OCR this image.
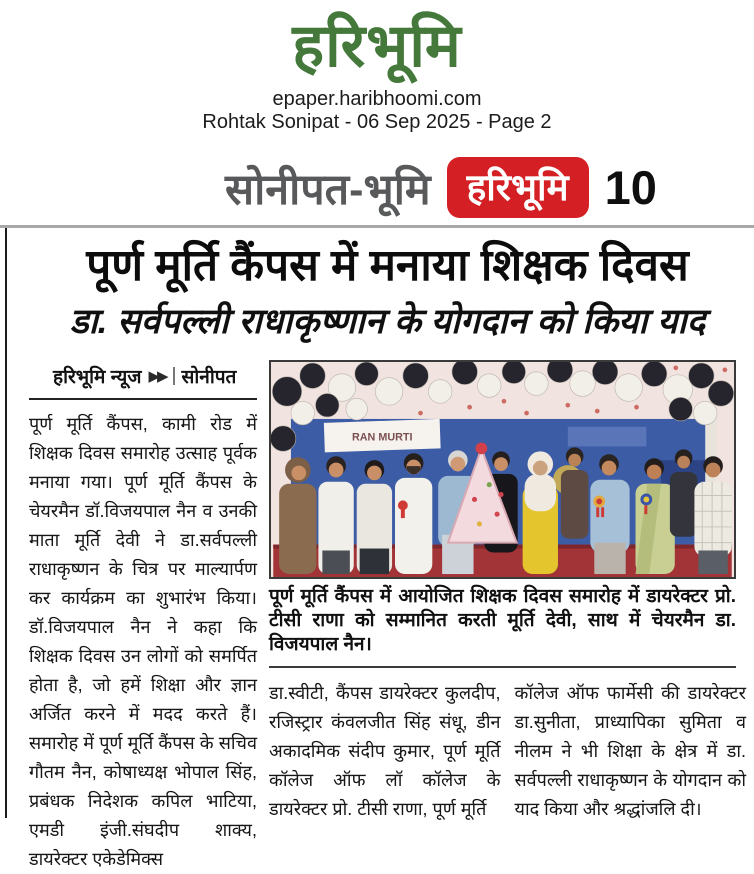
हरिभूमि
epaper.haribhoomi.com
Rohtak Sonipat - 06 Sep 2025 - Page 2
सोनीपत-भूमि हरिभूमि 10
पूर्ण मूर्ति कैंपस में मनाया शिक्षक दिवस
डा. सर्वपल्ली राधाकृष्णान के योगदान को किया याद
हरिभूमि न्यूज ▶▶ सोनीपत

पूर्ण मूर्ति कैंपस, कामी रोड में शिक्षक दिवस समारोह उत्साह पूर्वक मनाया गया। पूर्ण मूर्ति कैंपस के चेयरमैन डॉ.विजयपाल नैन व उनकी माता मूर्ति देवी ने डा.सर्वपल्ली राधाकृष्णन के चित्र पर माल्यार्पण कर कार्यक्रम का शुभारंभ किया। डॉ.विजयपाल नैन ने कहा कि शिक्षक दिवस उन लोगों को समर्पित होता है, जो हमें शिक्षा और ज्ञान अर्जित करने में मदद करते हैं। समारोह में पूर्ण मूर्ति कैंपस के सचिव गौतम नैन, कोषाध्यक्ष भोपाल सिंह, प्रबंधक निदेशक कपिल भाटिया, एमडी इंजी.संघदीप शाक्य, डायरेक्टर एकेडेमिक्स

RAN MURTI
पूर्ण मूर्ति कैंपस में आयोजित शिक्षक दिवस समारोह में डायरेक्टर प्रो. टीसी राणा को सम्मानित करती मूर्ति देवी, साथ में चेयरमैन डा. विजयपाल नैन।

डा.स्वीटी, कैंपस डायरेक्टर कुलदीप, रजिस्ट्रार कंवलजीत सिंह संधू, डीन अकादमिक संदीप कुमार, पूर्ण मूर्ति कॉलेज ऑफ लॉ कॉलेज के डायरेक्टर प्रो. टीसी राणा, पूर्ण मूर्ति

कॉलेज ऑफ फार्मेसी की डायरेक्टर डा.सुनीता, प्राध्यापिका सुमिता व नीलम ने भी शिक्षा के क्षेत्र में डा. सर्वपल्ली राधाकृष्णन के योगदान को याद किया और श्रद्धांजलि दी।
